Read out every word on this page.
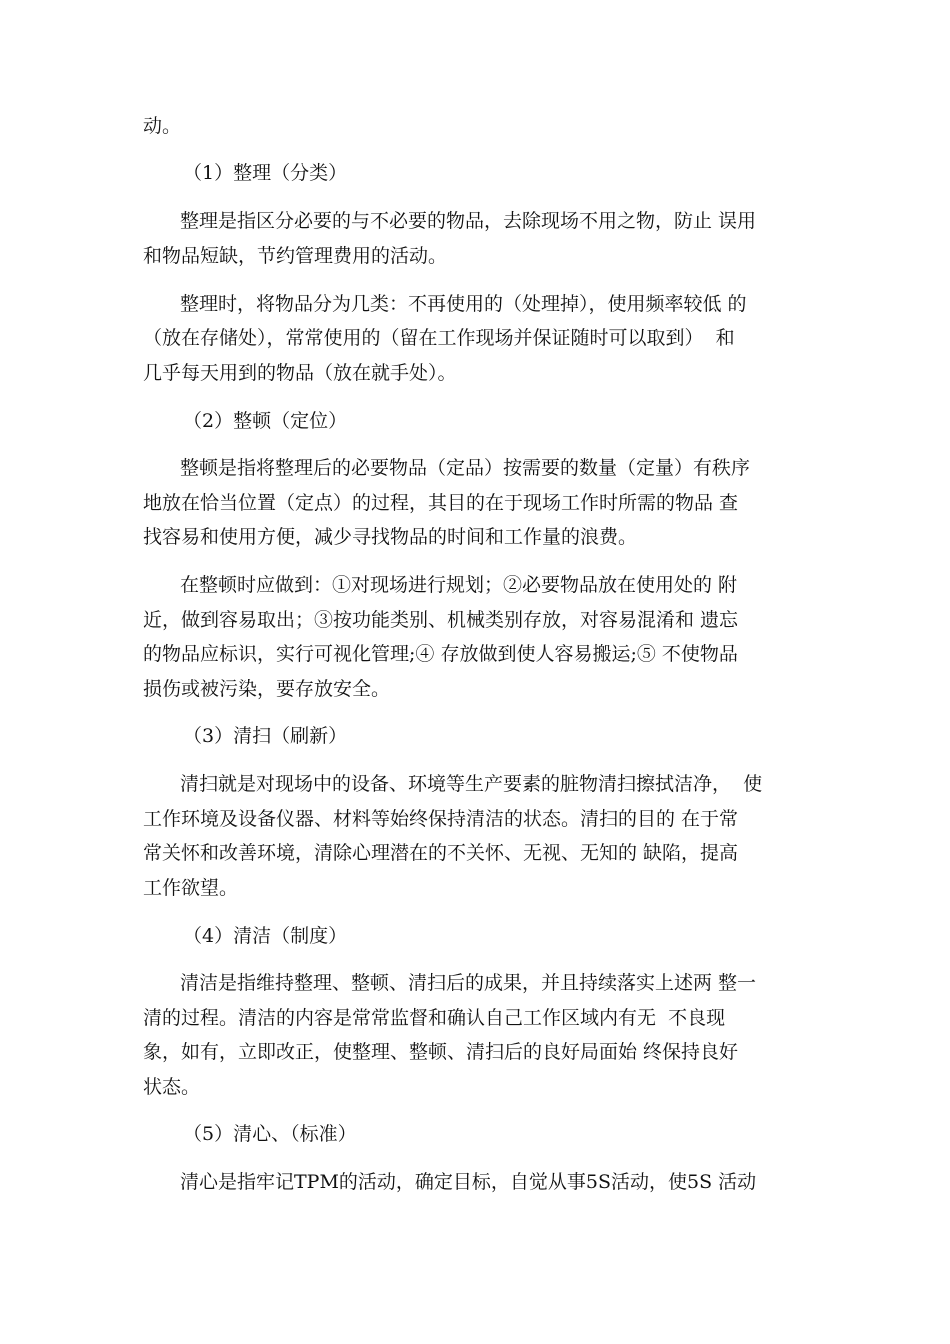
动。
（1）整理（分类）
整理是指区分必要的与不必要的物品，去除现场不用之物，防止 误用
和物品短缺，节约管理费用的活动。
整理时，将物品分为几类：不再使用的（处理掉），使用频率较低 的
（放在存储处），常常使用的（留在工作现场并保证随时可以取到）  和
几乎每天用到的物品（放在就手处）。
（2）整顿（定位）
整顿是指将整理后的必要物品（定品）按需要的数量（定量）有秩序
地放在恰当位置（定点）的过程，其目的在于现场工作时所需的物品 查
找容易和使用方便，减少寻找物品的时间和工作量的浪费。
在整顿时应做到：①对现场进行规划；②必要物品放在使用处的 附
近，做到容易取出；③按功能类别、机械类别存放，对容易混淆和 遗忘
的物品应标识，实行可视化管理;④ 存放做到使人容易搬运;⑤ 不使物品
损伤或被污染，要存放安全。
（3）清扫（刷新）
清扫就是对现场中的设备、环境等生产要素的脏物清扫擦拭洁净，  使
工作环境及设备仪器、材料等始终保持清洁的状态。清扫的目的 在于常
常关怀和改善环境，清除心理潜在的不关怀、无视、无知的 缺陷，提高
工作欲望。
（4）清洁（制度）
清洁是指维持整理、整顿、清扫后的成果，并且持续落实上述两 整一
清的过程。清洁的内容是常常监督和确认自己工作区域内有无  不良现
象，如有，立即改正，使整理、整顿、清扫后的良好局面始 终保持良好
状态。
（5）清心、（标准）
清心是指牢记TPM的活动，确定目标，自觉从事5S活动，使5S 活动
